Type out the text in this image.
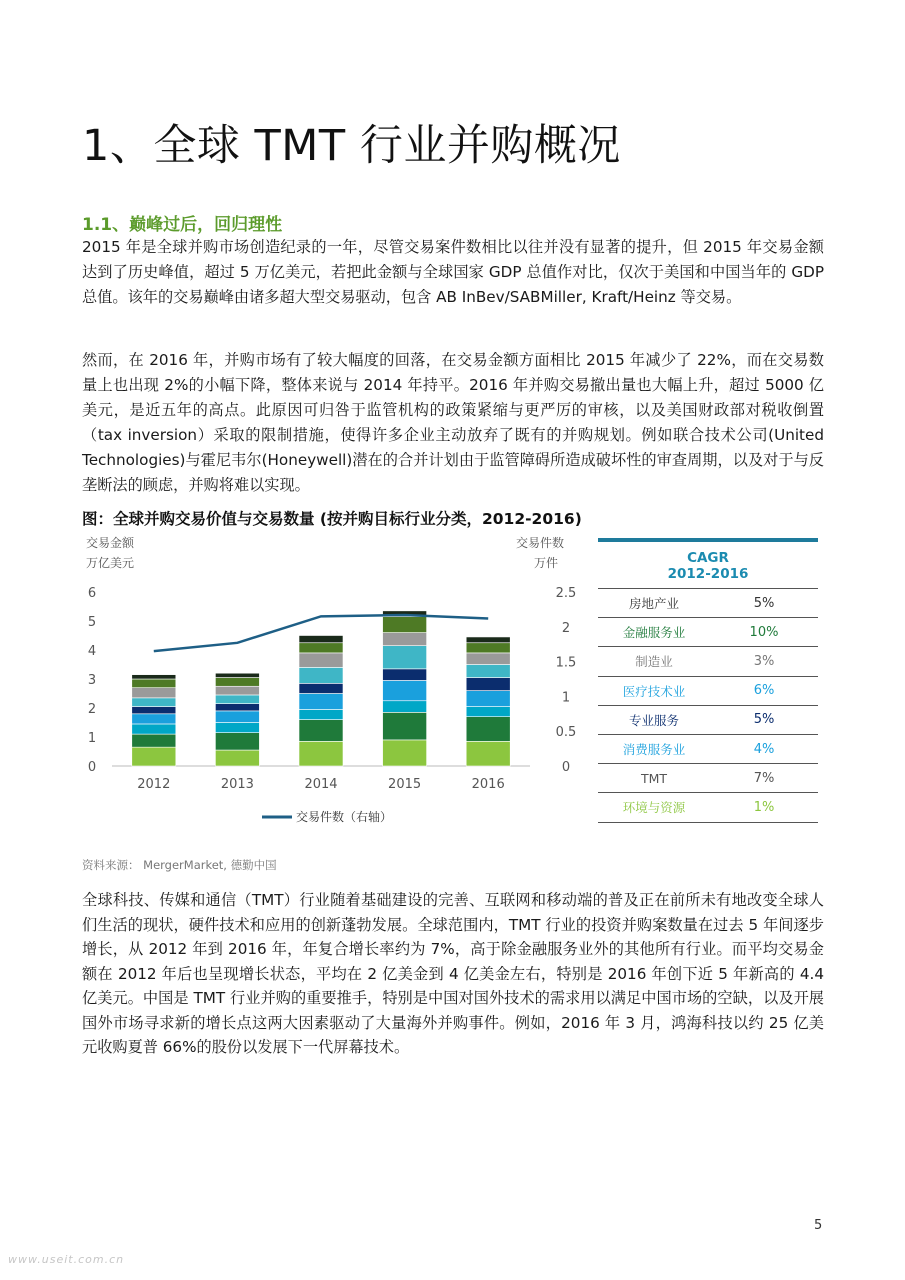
1、全球 TMT 行业并购概况
1.1、巅峰过后，回归理性
2015 年是全球并购市场创造纪录的一年，尽管交易案件数相比以往并没有显著的提升，但 2015 年交易金额达到了历史峰值，超过 5 万亿美元，若把此金额与全球国家 GDP 总值作对比，仅次于美国和中国当年的 GDP 总值。该年的交易巅峰由诸多超大型交易驱动，包含 AB InBev/SABMiller, Kraft/Heinz 等交易。
然而，在 2016 年，并购市场有了较大幅度的回落，在交易金额方面相比 2015 年减少了 22%，而在交易数量上也出现 2%的小幅下降，整体来说与 2014 年持平。2016 年并购交易撤出量也大幅上升，超过 5000 亿美元，是近五年的高点。此原因可归咎于监管机构的政策紧缩与更严厉的审核，以及美国财政部对税收倒置（tax inversion）采取的限制措施，使得许多企业主动放弃了既有的并购规划。例如联合技术公司(United Technologies)与霍尼韦尔(Honeywell)潜在的合并计划由于监管障碍所造成破坏性的审查周期，以及对于与反垄断法的顾虑，并购将难以实现。
图：全球并购交易价值与交易数量 (按并购目标行业分类，2012-2016)
交易金额
万亿美元
交易件数
万件
0
1
2
3
4
5
6
0
0.5
1
1.5
2
2.5
2012	2013	2014	2015	2016
交易件数（右轴）
CAGR
2012-2016
房地产业	5%
金融服务业	10%
制造业	3%
医疗技术业	6%
专业服务	5%
消费服务业	4%
TMT	7%
环境与资源	1%
资料来源： MergerMarket, 德勤中国
全球科技、传媒和通信（TMT）行业随着基础建设的完善、互联网和移动端的普及正在前所未有地改变全球人们生活的现状，硬件技术和应用的创新蓬勃发展。全球范围内，TMT 行业的投资并购案数量在过去 5 年间逐步增长，从 2012 年到 2016 年，年复合增长率约为 7%，高于除金融服务业外的其他所有行业。而平均交易金额在 2012 年后也呈现增长状态，平均在 2 亿美金到 4 亿美金左右，特别是 2016 年创下近 5 年新高的 4.4 亿美元。中国是 TMT 行业并购的重要推手，特别是中国对国外技术的需求用以满足中国市场的空缺，以及开展国外市场寻求新的增长点这两大因素驱动了大量海外并购事件。例如，2016 年 3 月，鸿海科技以约 25 亿美元收购夏普 66%的股份以发展下一代屏幕技术。
5
www.useit.com.cn
